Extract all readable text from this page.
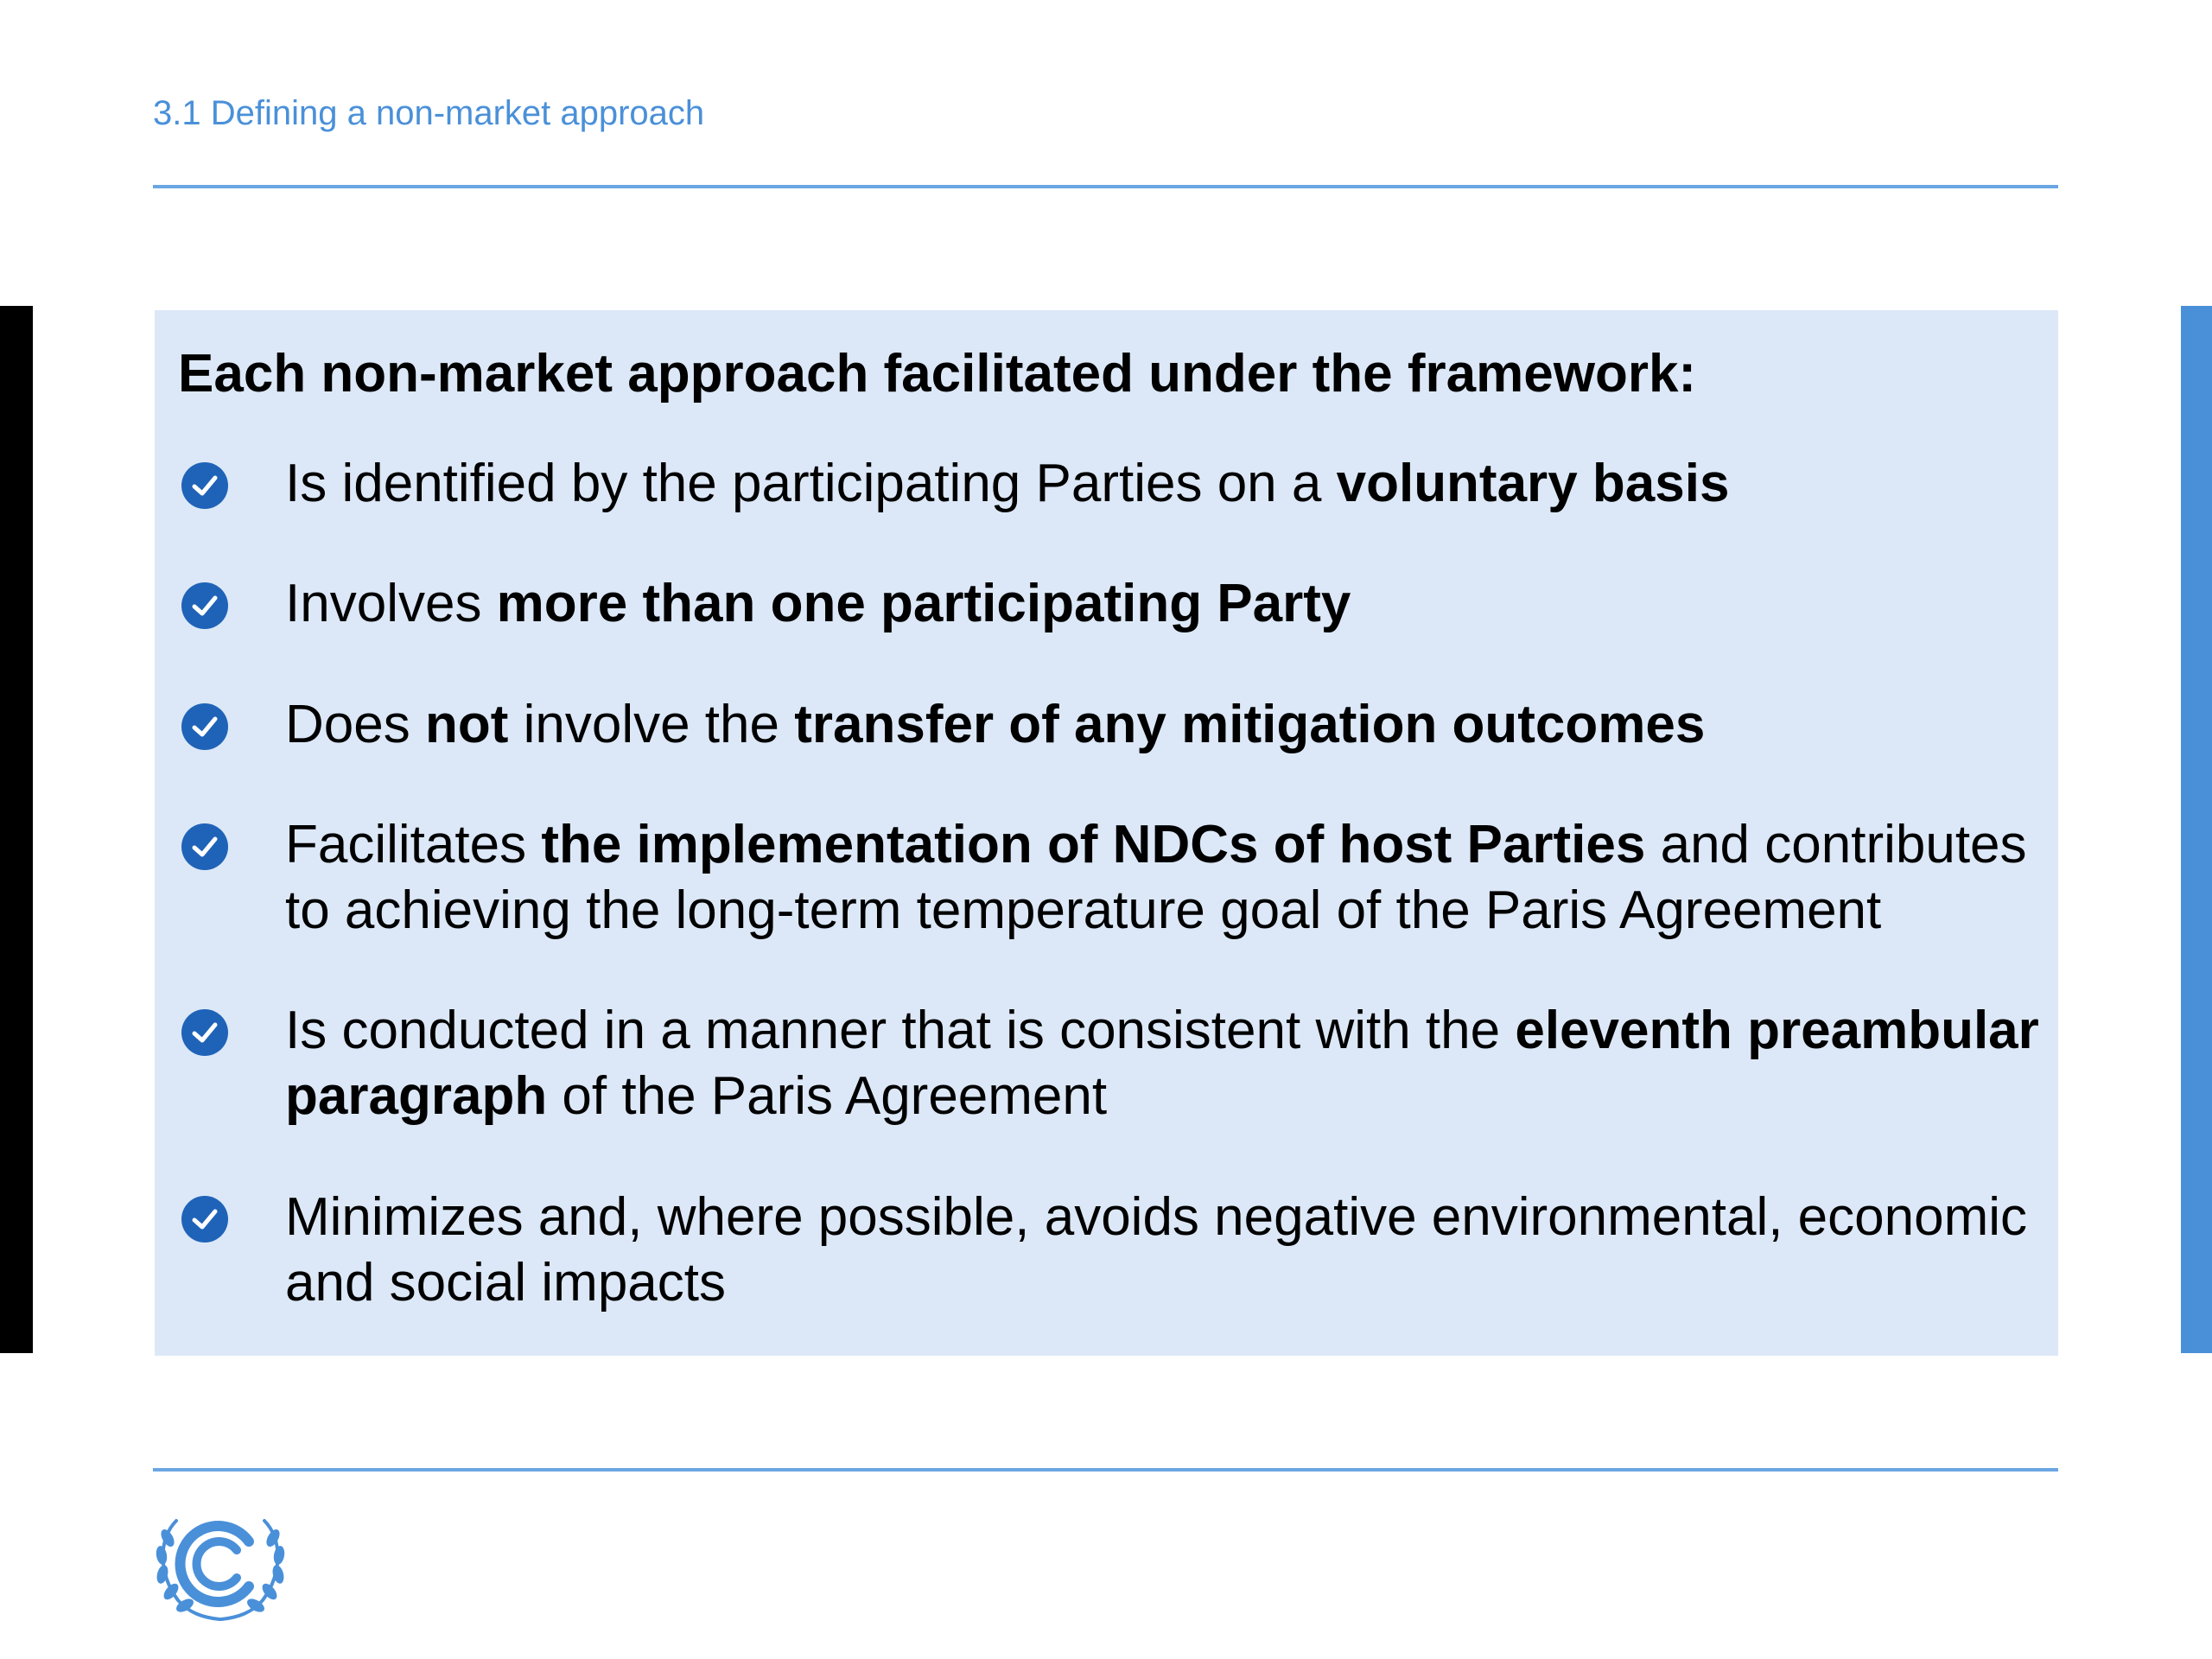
3.1 Defining a non-market approach
Each non-market approach facilitated under the framework:
Is identified by the participating Parties on a voluntary basis
Involves more than one participating Party
Does not involve the transfer of any mitigation outcomes
Facilitates the implementation of NDCs of host Parties and contributes to achieving the long-term temperature goal of the Paris Agreement
Is conducted in a manner that is consistent with the eleventh preambular paragraph of the Paris Agreement
Minimizes and, where possible, avoids negative environmental, economic and social impacts
